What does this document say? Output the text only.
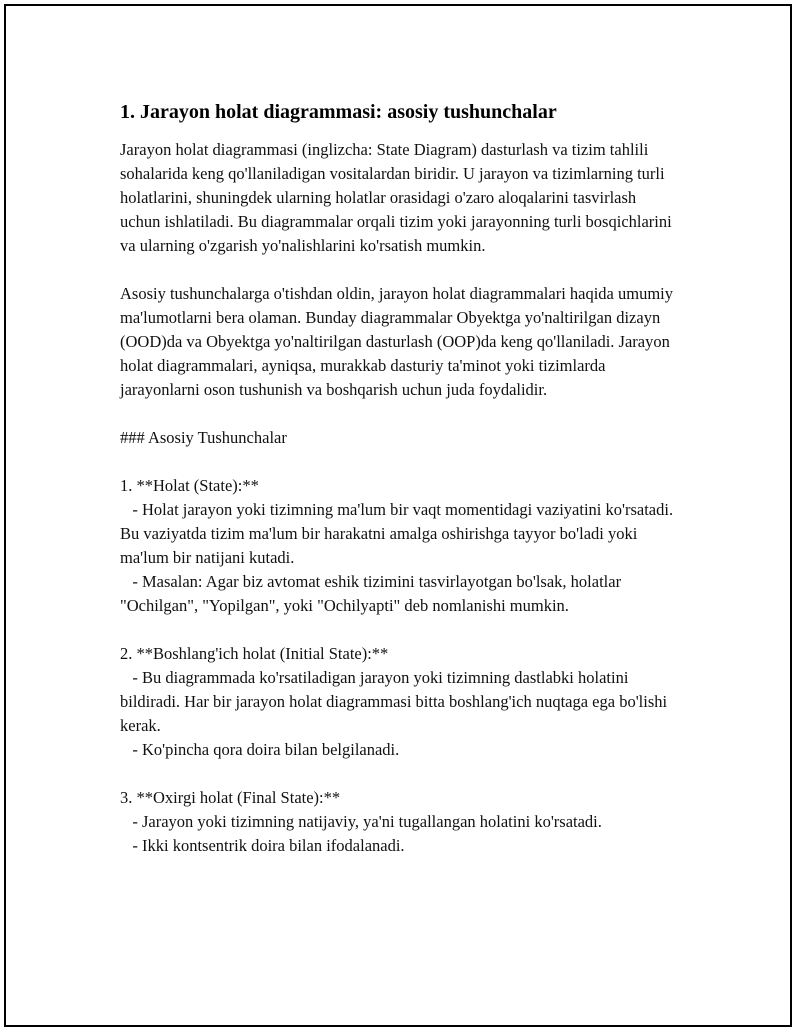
1. Jarayon holat diagrammasi: asosiy tushunchalar

Jarayon holat diagrammasi (inglizcha: State Diagram) dasturlash va tizim tahlili sohalarida keng qo'llaniladigan vositalardan biridir. U jarayon va tizimlarning turli holatlarini, shuningdek ularning holatlar orasidagi o'zaro aloqalarini tasvirlash uchun ishlatiladi. Bu diagrammalar orqali tizim yoki jarayonning turli bosqichlarini va ularning o'zgarish yo'nalishlarini ko'rsatish mumkin.

Asosiy tushunchalarga o'tishdan oldin, jarayon holat diagrammalari haqida umumiy ma'lumotlarni bera olaman. Bunday diagrammalar Obyektga yo'naltirilgan dizayn (OOD)da va Obyektga yo'naltirilgan dasturlash (OOP)da keng qo'llaniladi. Jarayon holat diagrammalari, ayniqsa, murakkab dasturiy ta'minot yoki tizimlarda jarayonlarni oson tushunish va boshqarish uchun juda foydalidir.

### Asosiy Tushunchalar

1. **Holat (State):**
- Holat jarayon yoki tizimning ma'lum bir vaqt momentidagi vaziyatini ko'rsatadi. Bu vaziyatda tizim ma'lum bir harakatni amalga oshirishga tayyor bo'ladi yoki ma'lum bir natijani kutadi.
- Masalan: Agar biz avtomat eshik tizimini tasvirlayotgan bo'lsak, holatlar "Ochilgan", "Yopilgan", yoki "Ochilyapti" deb nomlanishi mumkin.
2. **Boshlang'ich holat (Initial State):**
- Bu diagrammada ko'rsatiladigan jarayon yoki tizimning dastlabki holatini bildiradi. Har bir jarayon holat diagrammasi bitta boshlang'ich nuqtaga ega bo'lishi kerak.
- Ko'pincha qora doira bilan belgilanadi.
3. **Oxirgi holat (Final State):**
- Jarayon yoki tizimning natijaviy, ya'ni tugallangan holatini ko'rsatadi.
- Ikki kontsentrik doira bilan ifodalanadi.
